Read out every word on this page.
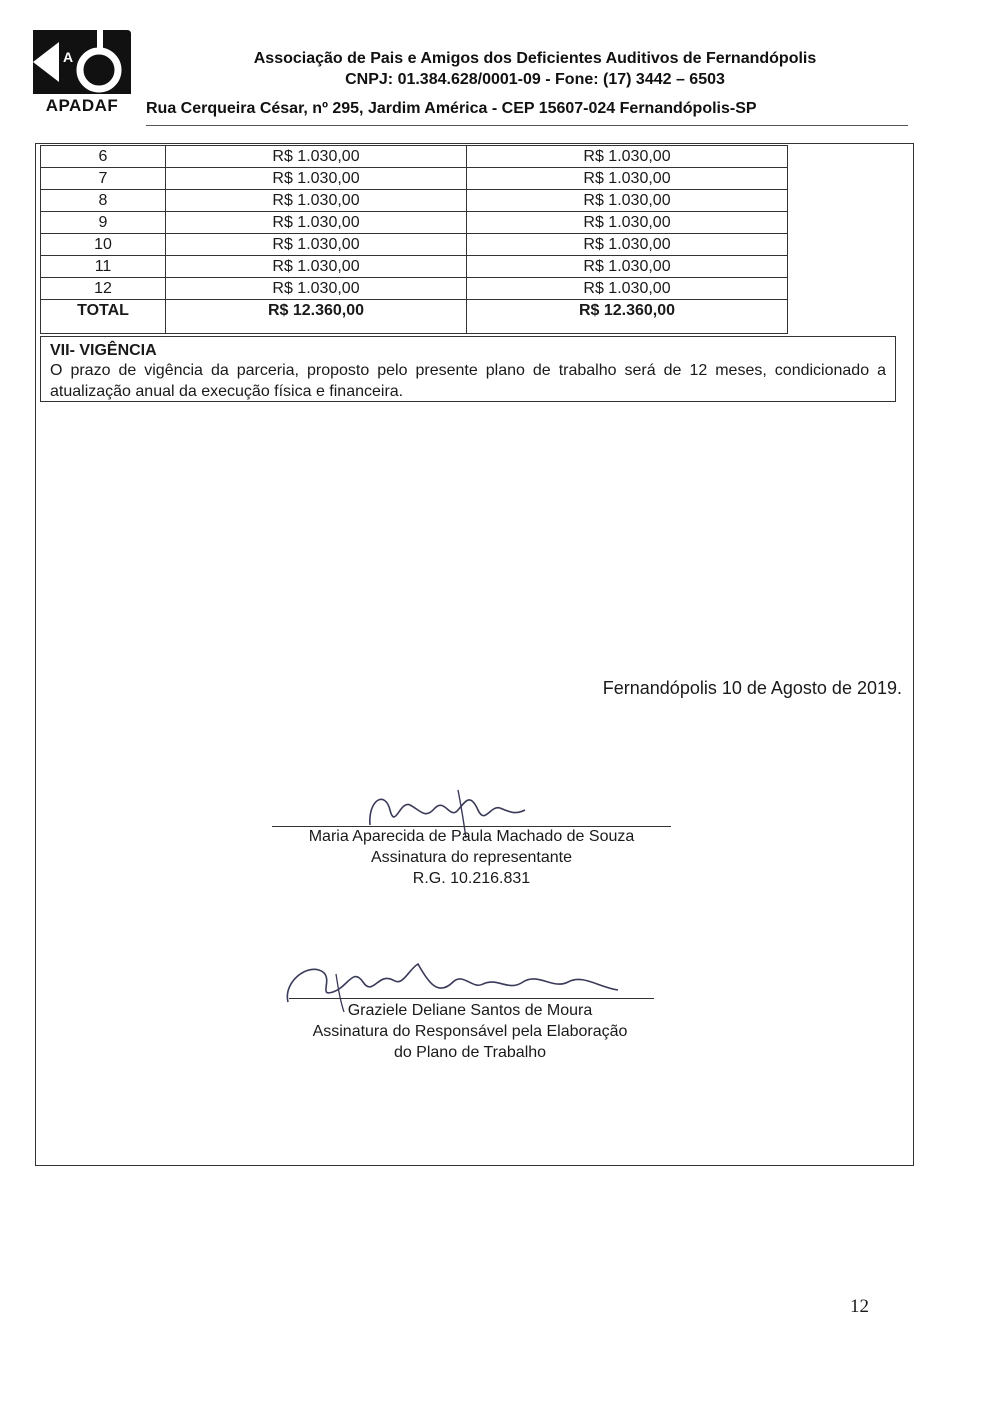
A
APADAF
Associação de Pais e Amigos dos Deficientes Auditivos de Fernandópolis
CNPJ: 01.384.628/0001-09 - Fone: (17) 3442 – 6503
Rua Cerqueira César, nº 295, Jardim América - CEP 15607-024 Fernandópolis-SP
6	R$ 1.030,00	R$ 1.030,00
7	R$ 1.030,00	R$ 1.030,00
8	R$ 1.030,00	R$ 1.030,00
9	R$ 1.030,00	R$ 1.030,00
10	R$ 1.030,00	R$ 1.030,00
11	R$ 1.030,00	R$ 1.030,00
12	R$ 1.030,00	R$ 1.030,00
TOTAL	R$ 12.360,00	R$ 12.360,00
VII- VIGÊNCIA
O prazo de vigência da parceria, proposto pelo presente plano de trabalho será de 12 meses, condicionado a atualização anual da execução física e financeira.
Fernandópolis 10 de Agosto de 2019.
Maria Aparecida de Paula Machado de Souza
Assinatura do representante
R.G. 10.216.831
Graziele Deliane Santos de Moura
Assinatura do Responsável pela Elaboração
do Plano de Trabalho
12
